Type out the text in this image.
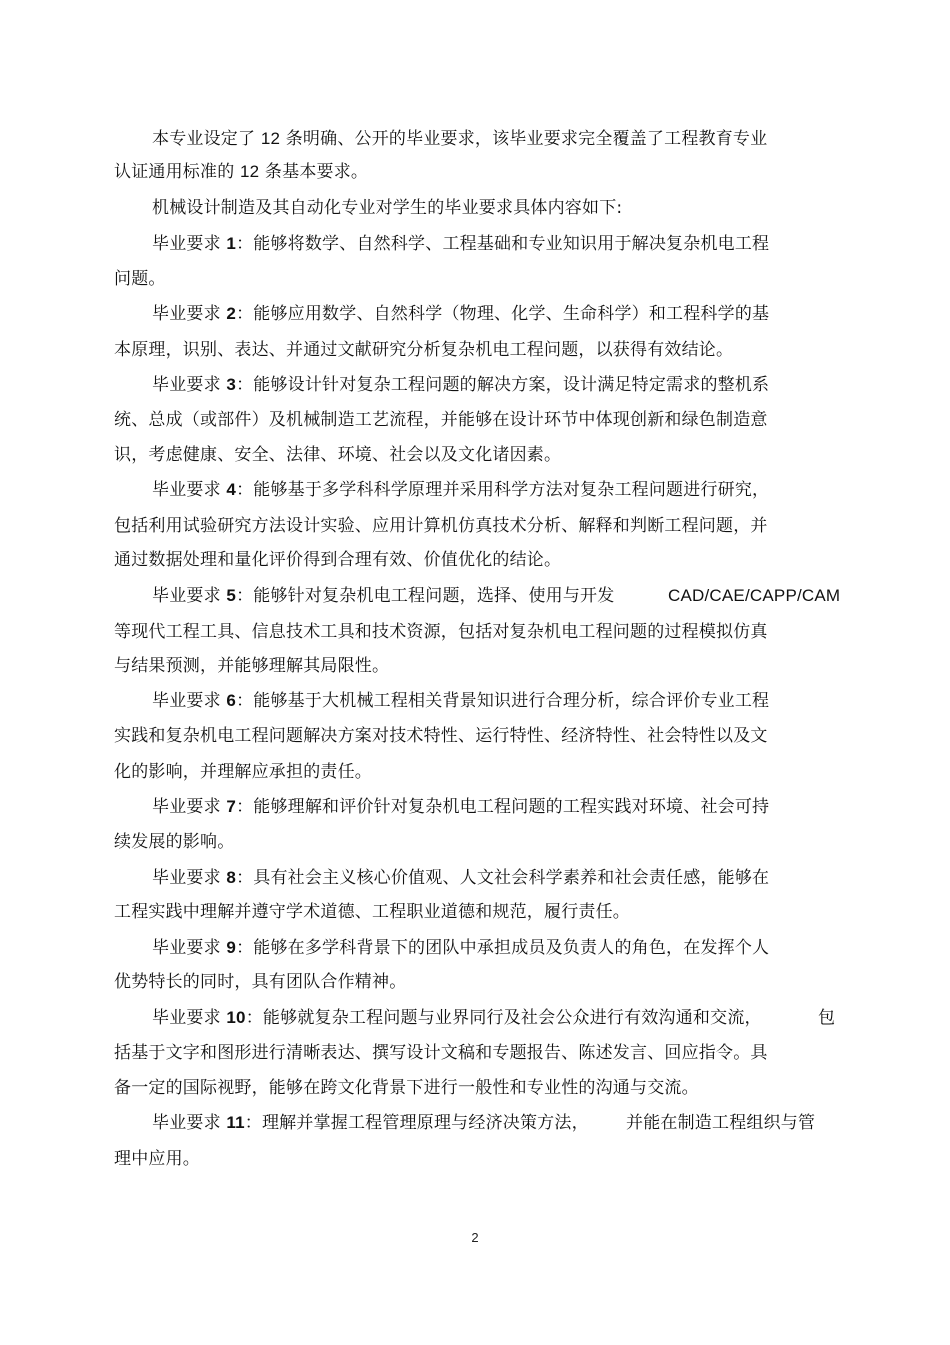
本专业设定了 12 条明确、公开的毕业要求，该毕业要求完全覆盖了工程教育专业
认证通用标准的 12 条基本要求。
机械设计制造及其自动化专业对学生的毕业要求具体内容如下:
毕业要求 1：能够将数学、自然科学、工程基础和专业知识用于解决复杂机电工程
问题。
毕业要求 2：能够应用数学、自然科学（物理、化学、生命科学）和工程科学的基
本原理，识别、表达、并通过文献研究分析复杂机电工程问题，以获得有效结论。
毕业要求 3：能够设计针对复杂工程问题的解决方案，设计满足特定需求的整机系
统、总成（或部件）及机械制造工艺流程，并能够在设计环节中体现创新和绿色制造意
识，考虑健康、安全、法律、环境、社会以及文化诸因素。
毕业要求 4：能够基于多学科科学原理并采用科学方法对复杂工程问题进行研究，
包括利用试验研究方法设计实验、应用计算机仿真技术分析、解释和判断工程问题，并
通过数据处理和量化评价得到合理有效、价值优化的结论。
毕业要求 5：能够针对复杂机电工程问题，选择、使用与开发	CAD/CAE/CAPP/CAM
等现代工程工具、信息技术工具和技术资源，包括对复杂机电工程问题的过程模拟仿真
与结果预测，并能够理解其局限性。
毕业要求 6：能够基于大机械工程相关背景知识进行合理分析，综合评价专业工程
实践和复杂机电工程问题解决方案对技术特性、运行特性、经济特性、社会特性以及文
化的影响，并理解应承担的责任。
毕业要求 7：能够理解和评价针对复杂机电工程问题的工程实践对环境、社会可持
续发展的影响。
毕业要求 8：具有社会主义核心价值观、人文社会科学素养和社会责任感，能够在
工程实践中理解并遵守学术道德、工程职业道德和规范，履行责任。
毕业要求 9：能够在多学科背景下的团队中承担成员及负责人的角色，在发挥个人
优势特长的同时，具有团队合作精神。
毕业要求 10：能够就复杂工程问题与业界同行及社会公众进行有效沟通和交流，	包
括基于文字和图形进行清晰表达、撰写设计文稿和专题报告、陈述发言、回应指令。具
备一定的国际视野，能够在跨文化背景下进行一般性和专业性的沟通与交流。
毕业要求 11：理解并掌握工程管理原理与经济决策方法， 并能在制造工程组织与管
理中应用。
2
